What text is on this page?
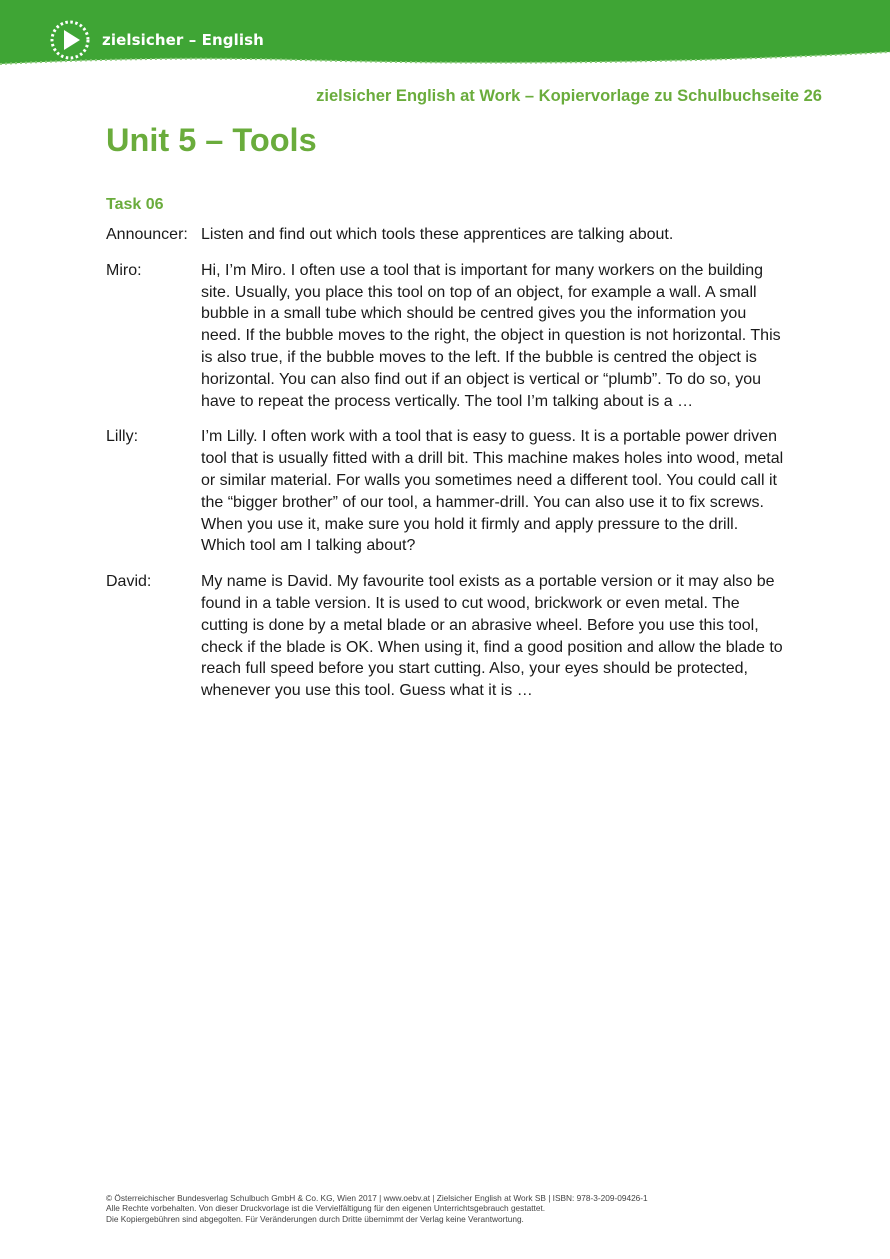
zielsicher – English
zielsicher English at Work – Kopiervorlage zu Schulbuchseite 26
Unit 5 – Tools
Task 06
Announcer: Listen and find out which tools these apprentices are talking about.
Miro:	Hi, I’m Miro. I often use a tool that is important for many workers on the building site. Usually, you place this tool on top of an object, for example a wall. A small bubble in a small tube which should be centred gives you the information you need. If the bubble moves to the right, the object in question is not horizontal. This is also true, if the bubble moves to the left. If the bubble is centred the object is horizontal. You can also find out if an object is vertical or “plumb”. To do so, you have to repeat the process vertically. The tool I’m talking about is a …
Lilly:	I’m Lilly. I often work with a tool that is easy to guess. It is a portable power driven tool that is usually fitted with a drill bit. This machine makes holes into wood, metal or similar material. For walls you sometimes need a different tool. You could call it the “bigger brother” of our tool, a hammer-drill. You can also use it to fix screws. When you use it, make sure you hold it firmly and apply pressure to the drill. Which tool am I talking about?
David:	My name is David. My favourite tool exists as a portable version or it may also be found in a table version. It is used to cut wood, brickwork or even metal. The cutting is done by a metal blade or an abrasive wheel. Before you use this tool, check if the blade is OK. When using it, find a good position and allow the blade to reach full speed before you start cutting. Also, your eyes should be protected, whenever you use this tool. Guess what it is …
© Österreichischer Bundesverlag Schulbuch GmbH & Co. KG, Wien 2017 | www.oebv.at | Zielsicher English at Work SB | ISBN: 978-3-209-09426-1
Alle Rechte vorbehalten. Von dieser Druckvorlage ist die Vervielfältigung für den eigenen Unterrichtsgebrauch gestattet.
Die Kopiergebühren sind abgegolten. Für Veränderungen durch Dritte übernimmt der Verlag keine Verantwortung.
